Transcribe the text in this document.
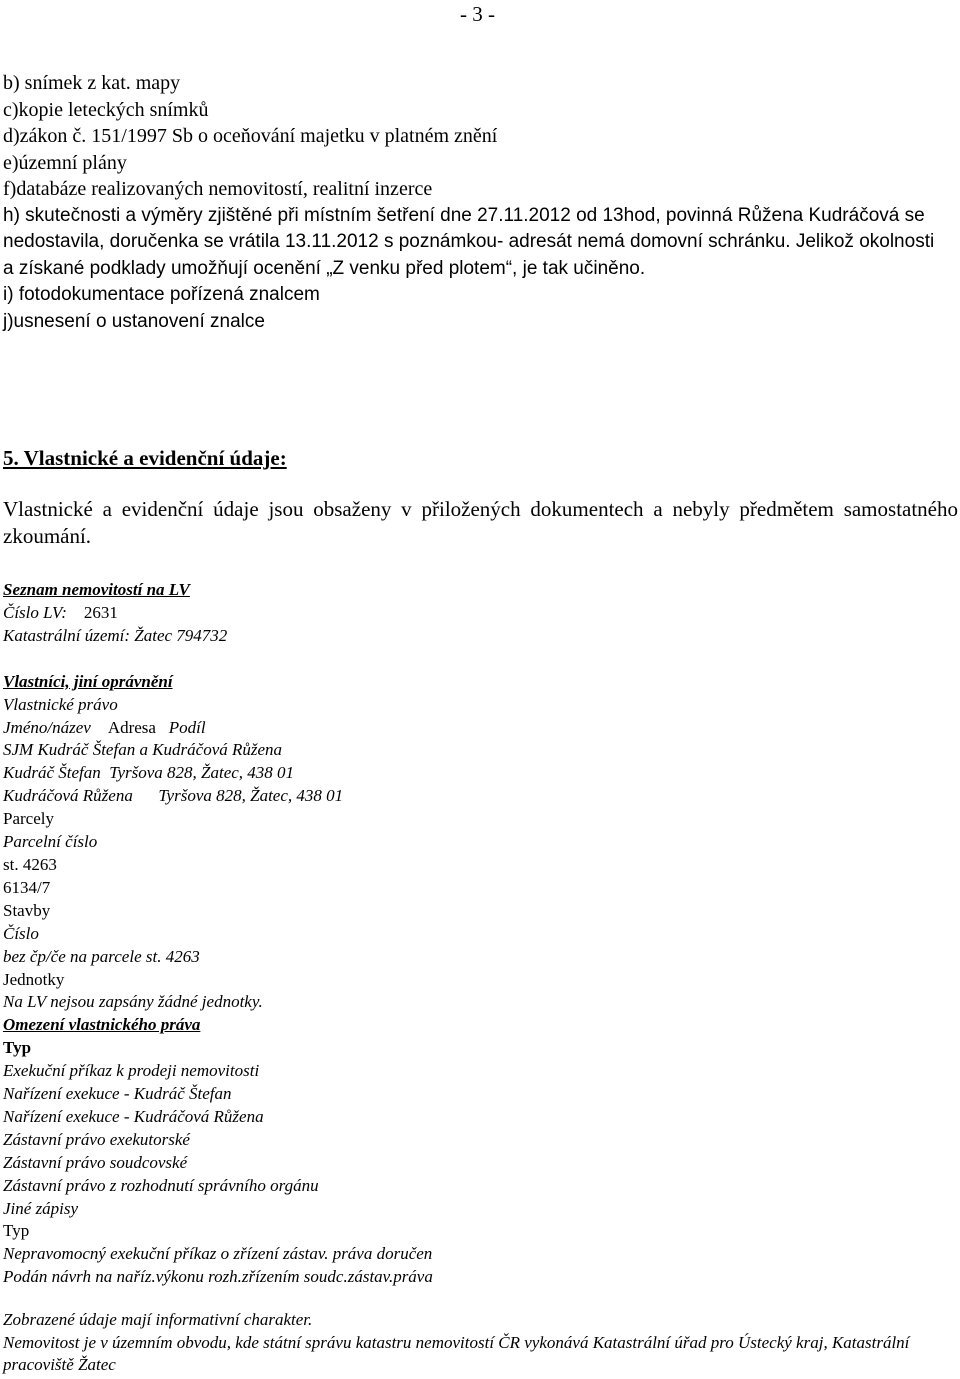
- 3 -
b) snímek z kat. mapy
c)kopie leteckých snímků
d)zákon č. 151/1997 Sb o oceňování majetku v platném znění
e)územní plány
f)databáze realizovaných nemovitostí, realitní inzerce
h) skutečnosti a výměry zjištěné při místním šetření dne 27.11.2012 od 13hod, povinná Růžena Kudráčová se nedostavila, doručenka se vrátila 13.11.2012 s poznámkou- adresát nemá domovní schránku. Jelikož okolnosti a získané podklady umožňují ocenění „Z venku před plotem“, je tak učiněno.
i) fotodokumentace pořízená znalcem
j)usnesení o ustanovení znalce
5. Vlastnické a evidenční údaje:
Vlastnické a evidenční údaje jsou obsaženy v přiložených dokumentech a nebyly předmětem samostatného zkoumání.
Seznam nemovitostí na LV
Číslo LV: 2631
Katastrální území: Žatec 794732
Vlastníci, jiní oprávnění
Vlastnické právo
Jméno/název Adresa Podíl
SJM Kudráč Štefan a Kudráčová Růžena
Kudráč Štefan Tyršova 828, Žatec, 438 01
Kudráčová Růžena Tyršova 828, Žatec, 438 01
Parcely
Parcelní číslo
st. 4263
6134/7
Stavby
Číslo
bez čp/če na parcele st. 4263
Jednotky
Na LV nejsou zapsány žádné jednotky.
Omezení vlastnického práva
Typ
Exekuční příkaz k prodeji nemovitosti
Nařízení exekuce - Kudráč Štefan
Nařízení exekuce - Kudráčová Růžena
Zástavní právo exekutorské
Zástavní právo soudcovské
Zástavní právo z rozhodnutí správního orgánu
Jiné zápisy
Typ
Nepravomocný exekuční příkaz o zřízení zástav. práva doručen
Podán návrh na naříz.výkonu rozh.zřízením soudc.zástav.práva
Zobrazené údaje mají informativní charakter.
Nemovitost je v územním obvodu, kde státní správu katastru nemovitostí ČR vykonává Katastrální úřad pro Ústecký kraj, Katastrální pracoviště Žatec
